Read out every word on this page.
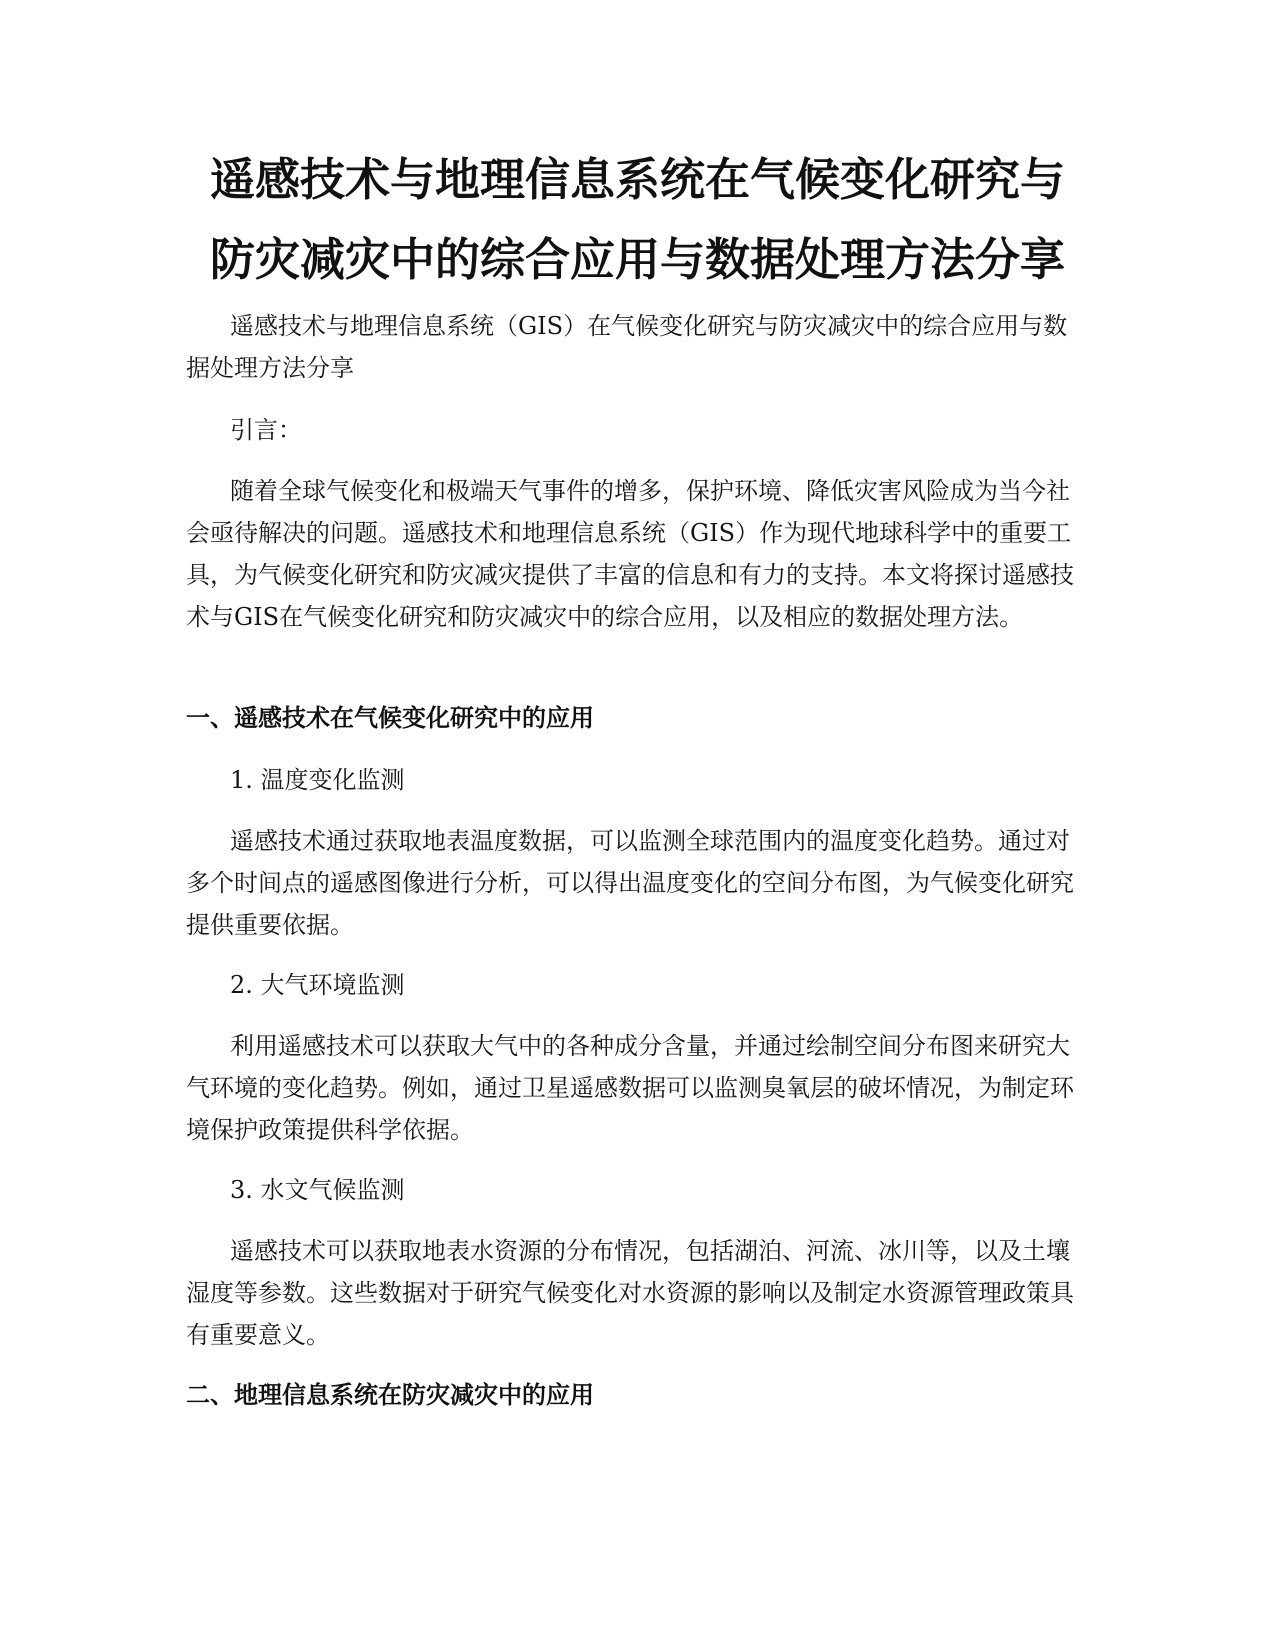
遥感技术与地理信息系统在气候变化研究与
防灾减灾中的综合应用与数据处理方法分享

遥感技术与地理信息系统（GIS）在气候变化研究与防灾减灾中的综合应用与数据处理方法分享

引言：

随着全球气候变化和极端天气事件的增多，保护环境、降低灾害风险成为当今社会亟待解决的问题。遥感技术和地理信息系统（GIS）作为现代地球科学中的重要工具，为气候变化研究和防灾减灾提供了丰富的信息和有力的支持。本文将探讨遥感技术与GIS在气候变化研究和防灾减灾中的综合应用，以及相应的数据处理方法。

一、遥感技术在气候变化研究中的应用

1. 温度变化监测

遥感技术通过获取地表温度数据，可以监测全球范围内的温度变化趋势。通过对多个时间点的遥感图像进行分析，可以得出温度变化的空间分布图，为气候变化研究提供重要依据。

2. 大气环境监测

利用遥感技术可以获取大气中的各种成分含量，并通过绘制空间分布图来研究大气环境的变化趋势。例如，通过卫星遥感数据可以监测臭氧层的破坏情况，为制定环境保护政策提供科学依据。

3. 水文气候监测

遥感技术可以获取地表水资源的分布情况，包括湖泊、河流、冰川等，以及土壤湿度等参数。这些数据对于研究气候变化对水资源的影响以及制定水资源管理政策具有重要意义。

二、地理信息系统在防灾减灾中的应用
